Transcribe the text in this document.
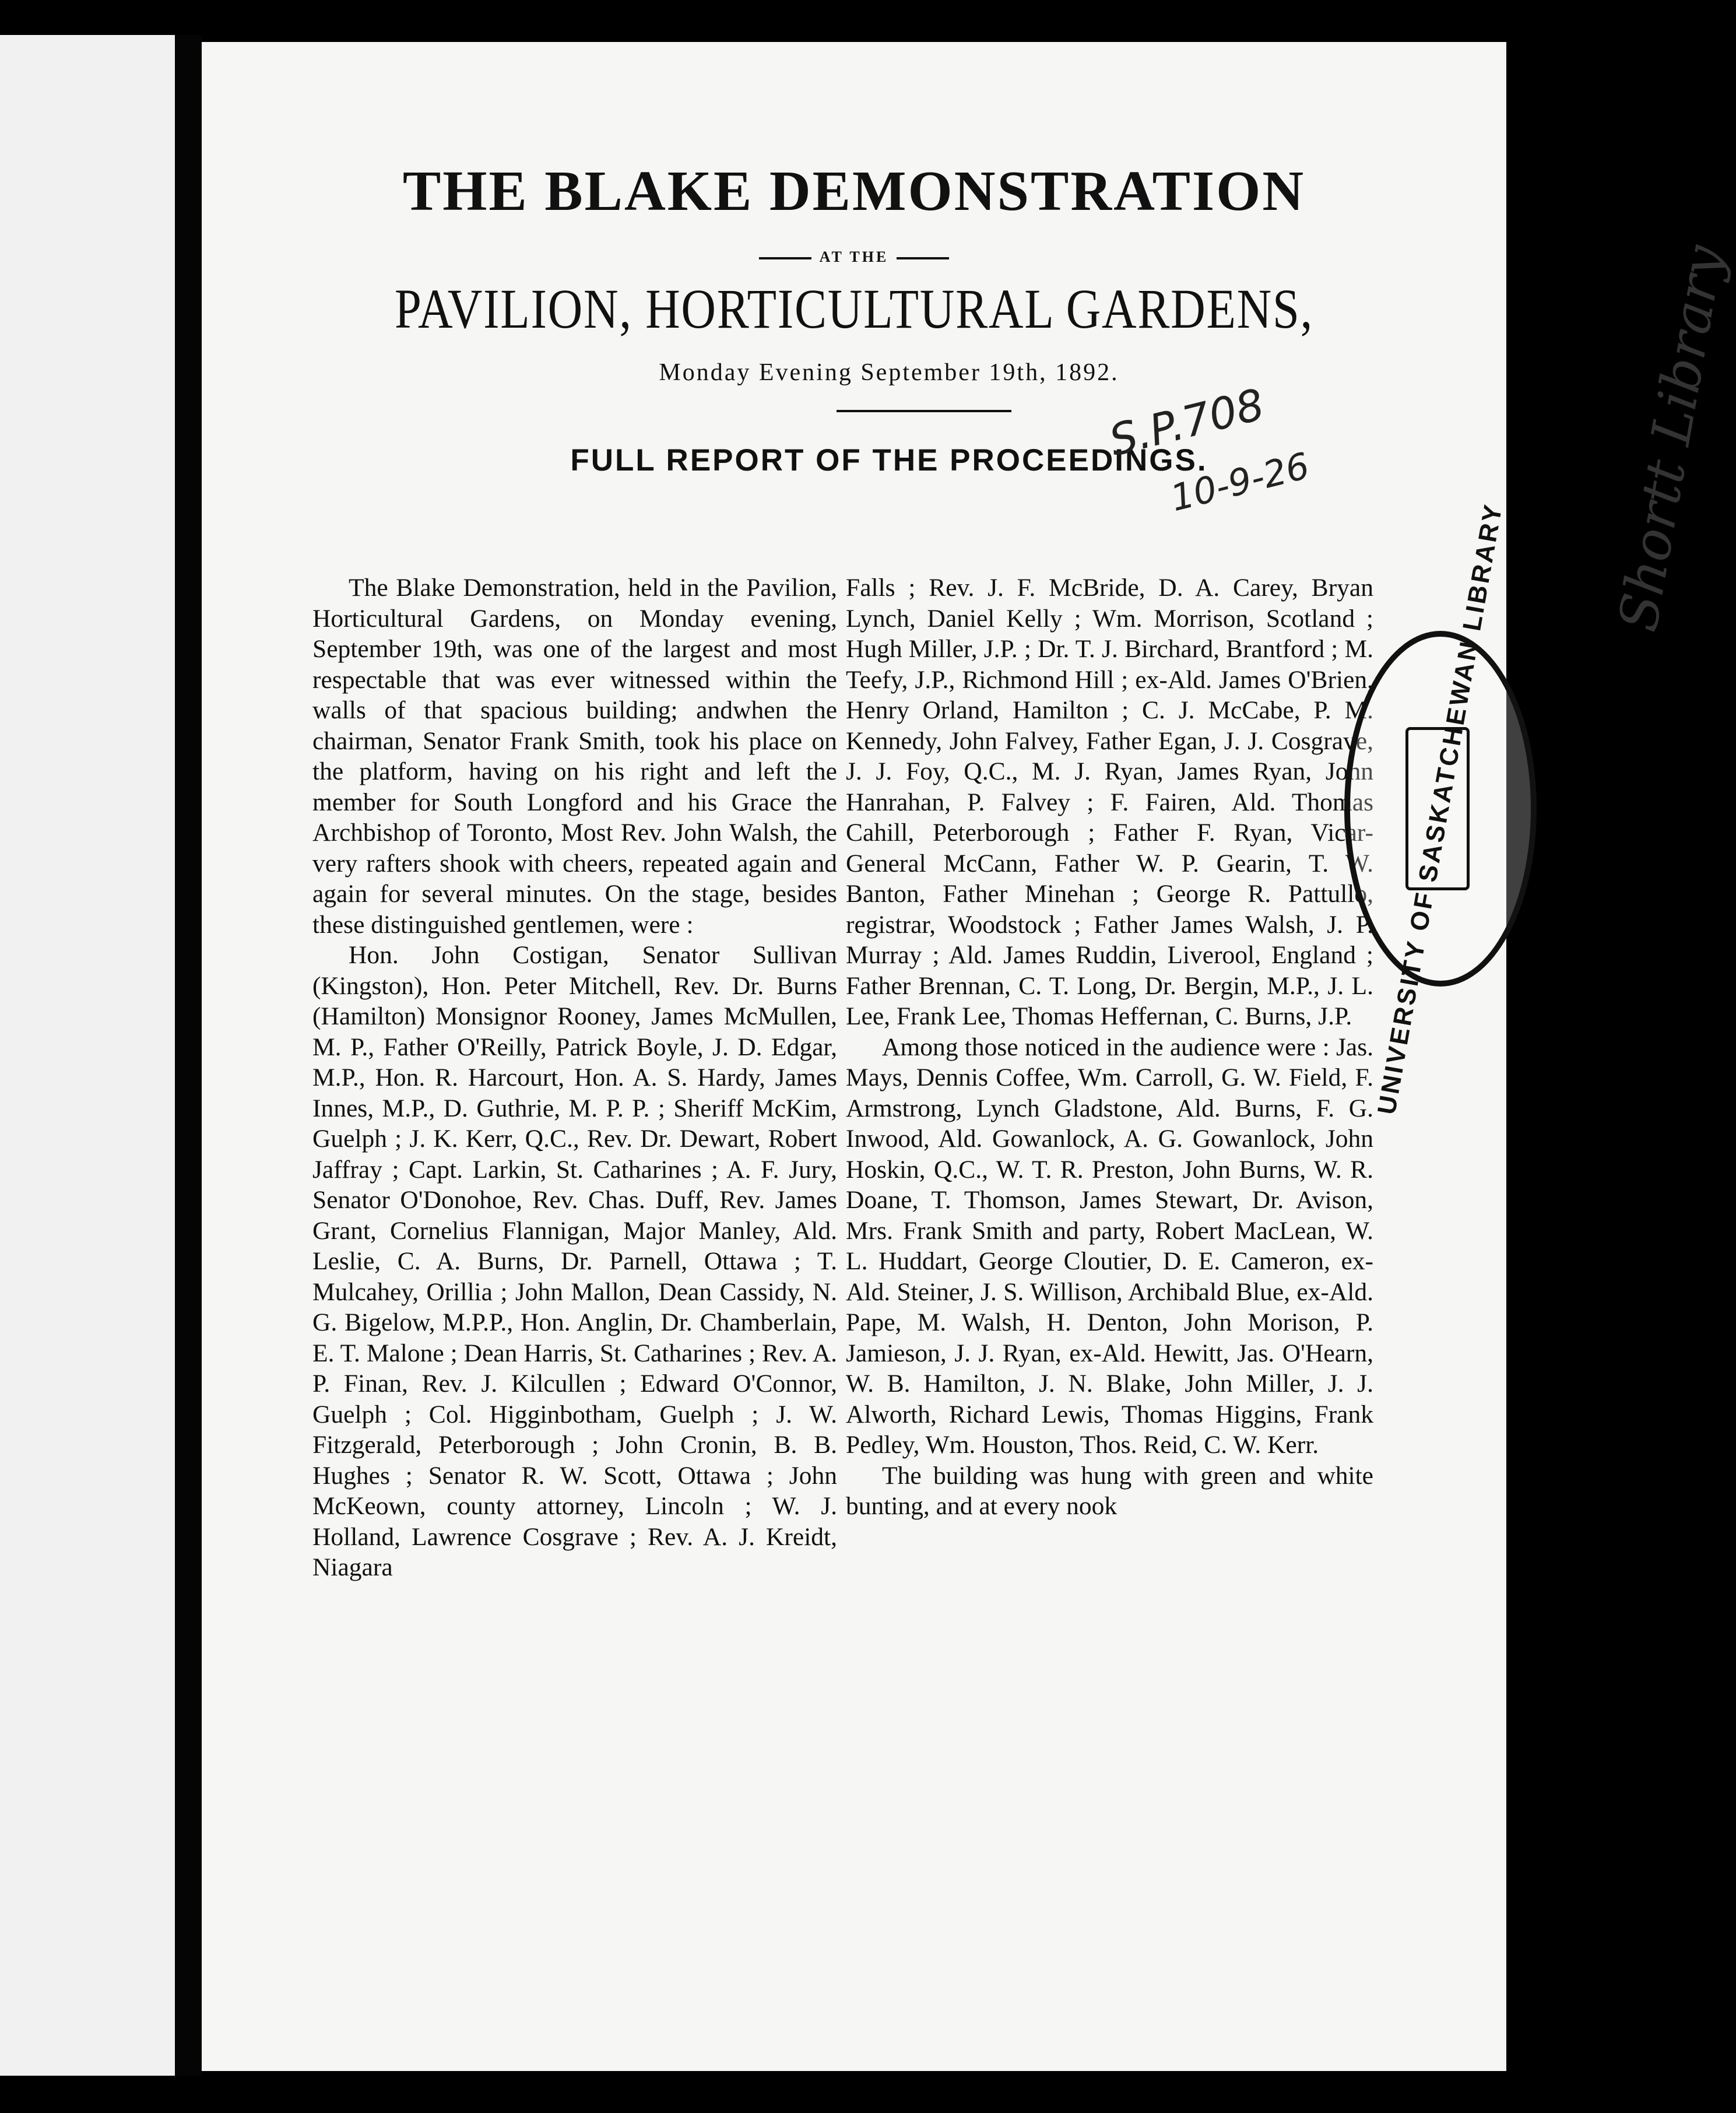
THE BLAKE DEMONSTRATION
AT THE
PAVILION, HORTICULTURAL GARDENS,
Monday Evening September 19th, 1892.
FULL REPORT OF THE PROCEEDINGS.

The Blake Demonstration, held in the Pavilion, Horticultural Gardens, on Monday evening, September 19th, was one of the largest and most respectable that was ever witnessed within the walls of that spacious building; andwhen the chairman, Senator Frank Smith, took his place on the platform, having on his right and left the member for South Longford and his Grace the Archbishop of Toronto, Most Rev. John Walsh, the very rafters shook with cheers, repeated again and again for several minutes. On the stage, besides these distinguished gentlemen, were :

Hon. John Costigan, Senator Sullivan (Kingston), Hon. Peter Mitchell, Rev. Dr. Burns (Hamilton) Monsignor Rooney, James McMullen, M. P., Father O'Reilly, Patrick Boyle, J. D. Edgar, M.P., Hon. R. Harcourt, Hon. A. S. Hardy, James Innes, M.P., D. Guthrie, M. P. P. ; Sheriff McKim, Guelph ; J. K. Kerr, Q.C., Rev. Dr. Dewart, Robert Jaffray ; Capt. Larkin, St. Catharines ; A. F. Jury, Senator O'Donohoe, Rev. Chas. Duff, Rev. James Grant, Cornelius Flannigan, Major Manley, Ald. Leslie, C. A. Burns, Dr. Parnell, Ottawa ; T. Mulcahey, Orillia ; John Mallon, Dean Cassidy, N. G. Bigelow, M.P.P., Hon. Anglin, Dr. Chamberlain, E. T. Malone ; Dean Harris, St. Catharines ; Rev. A. P. Finan, Rev. J. Kilcullen ; Edward O'Connor, Guelph ; Col. Higginbotham, Guelph ; J. W. Fitzgerald, Peterborough ; John Cronin, B. B. Hughes ; Senator R. W. Scott, Ottawa ; John McKeown, county attorney, Lincoln ; W. J. Holland, Lawrence Cosgrave ; Rev. A. J. Kreidt, Niagara

Falls ; Rev. J. F. McBride, D. A. Carey, Bryan Lynch, Daniel Kelly ; Wm. Morrison, Scotland ; Hugh Miller, J.P. ; Dr. T. J. Birchard, Brantford ; M. Teefy, J.P., Richmond Hill ; ex-Ald. James O'Brien, Henry Orland, Hamilton ; C. J. McCabe, P. M. Kennedy, John Falvey, Father Egan, J. J. Cosgrave, J. J. Foy, Q.C., M. J. Ryan, James Ryan, John Hanrahan, P. Falvey ; F. Fairen, Ald. Thomas Cahill, Peterborough ; Father F. Ryan, Vicar-General McCann, Father W. P. Gearin, T. W. Banton, Father Minehan ; George R. Pattullo, registrar, Woodstock ; Father James Walsh, J. P. Murray ; Ald. James Ruddin, Liverool, England ; Father Brennan, C. T. Long, Dr. Bergin, M.P., J. L. Lee, Frank Lee, Thomas Heffernan, C. Burns, J.P.

Among those noticed in the audience were : Jas. Mays, Dennis Coffee, Wm. Carroll, G. W. Field, F. Armstrong, Lynch Gladstone, Ald. Burns, F. G. Inwood, Ald. Gowanlock, A. G. Gowanlock, John Hoskin, Q.C., W. T. R. Preston, John Burns, W. R. Doane, T. Thomson, James Stewart, Dr. Avison, Mrs. Frank Smith and party, Robert MacLean, W. L. Huddart, George Cloutier, D. E. Cameron, ex-Ald. Steiner, J. S. Willison, Archibald Blue, ex-Ald. Pape, M. Walsh, H. Denton, John Morison, P. Jamieson, J. J. Ryan, ex-Ald. Hewitt, Jas. O'Hearn, W. B. Hamilton, J. N. Blake, John Miller, J. J. Alworth, Richard Lewis, Thomas Higgins, Frank Pedley, Wm. Houston, Thos. Reid, C. W. Kerr.

The building was hung with green and white bunting, and at every nook

S.P.708
10-9-26
UNIVERSITY OF SASKATCHEWAN LIBRARY
Shortt Library
